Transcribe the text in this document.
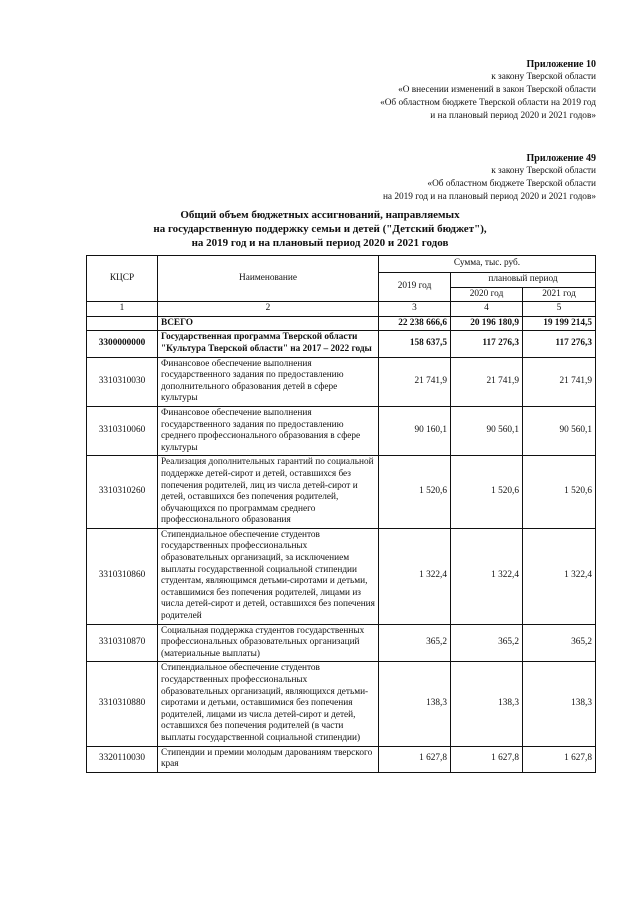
Приложение 10
к закону Тверской области
«О внесении изменений в закон Тверской области
«Об областном бюджете Тверской области на 2019 год
и на плановый период 2020 и 2021 годов»
Приложение 49
к закону Тверской области
«Об областном бюджете Тверской области
на 2019 год и на плановый период 2020 и 2021 годов»
Общий объем бюджетных ассигнований, направляемых
на государственную поддержку семьи и детей ("Детский бюджет"),
на 2019 год и на плановый период 2020 и 2021 годов
КЦСР	Наименование	Сумма, тыс. руб.		
		2019 год	плановый период	
			2020 год	2021 год
1	2	3	4	5
	ВСЕГО	22 238 666,6	20 196 180,9	19 199 214,5
3300000000	Государственная программа Тверской области "Культура Тверской области" на 2017 – 2022 годы	158 637,5	117 276,3	117 276,3
3310310030	Финансовое обеспечение выполнения государственного задания по предоставлению дополнительного образования детей в сфере культуры	21 741,9	21 741,9	21 741,9
3310310060	Финансовое обеспечение выполнения государственного задания по предоставлению среднего профессионального образования в сфере культуры	90 160,1	90 560,1	90 560,1
3310310260	Реализация дополнительных гарантий по социальной поддержке детей-сирот и детей, оставшихся без попечения родителей, лиц из числа детей-сирот и детей, оставшихся без попечения родителей, обучающихся по программам среднего профессионального образования	1 520,6	1 520,6	1 520,6
3310310860	Стипендиальное обеспечение студентов государственных профессиональных образовательных организаций, за исключением выплаты государственной социальной стипендии студентам, являющимся детьми-сиротами и детьми, оставшимися без попечения родителей, лицами из числа детей-сирот и детей, оставшихся без попечения родителей	1 322,4	1 322,4	1 322,4
3310310870	Социальная поддержка студентов государственных профессиональных образовательных организаций (материальные выплаты)	365,2	365,2	365,2
3310310880	Стипендиальное обеспечение студентов государственных профессиональных образовательных организаций, являющихся детьми-сиротами и детьми, оставшимися без попечения родителей, лицами из числа детей-сирот и детей, оставшихся без попечения родителей (в части выплаты государственной социальной стипендии)	138,3	138,3	138,3
3320110030	Стипендии и премии молодым дарованиям тверского края	1 627,8	1 627,8	1 627,8
